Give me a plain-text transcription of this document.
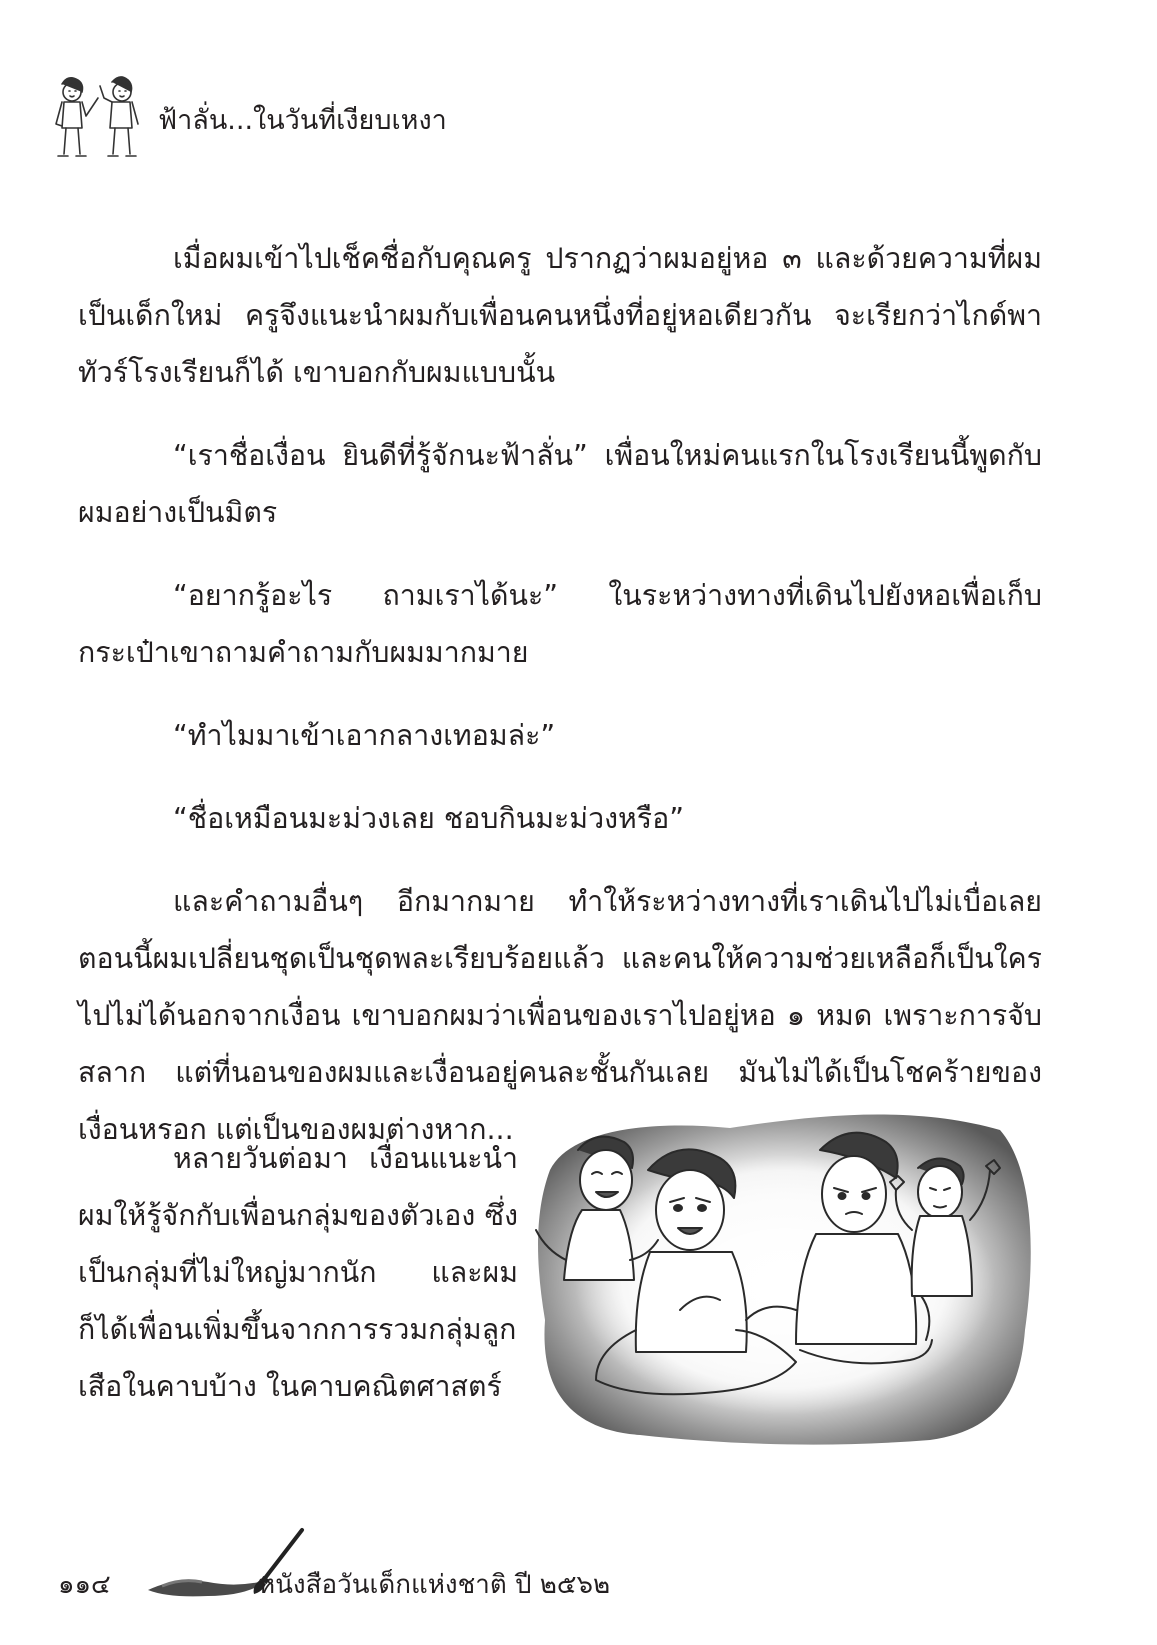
ฟ้าลั่น...ในวันที่เงียบเหงา

เมื่อผมเข้าไปเช็คชื่อกับคุณครู ปรากฏว่าผมอยู่หอ ๓ และด้วยความที่ผมเป็นเด็กใหม่ ครูจึงแนะนำผมกับเพื่อนคนหนึ่งที่อยู่หอเดียวกัน จะเรียกว่าไกด์พาทัวร์โรงเรียนก็ได้ เขาบอกกับผมแบบนั้น

“เราชื่อเงื่อน ยินดีที่รู้จักนะฟ้าลั่น” เพื่อนใหม่คนแรกในโรงเรียนนี้พูดกับผมอย่างเป็นมิตร

“อยากรู้อะไร ถามเราได้นะ” ในระหว่างทางที่เดินไปยังหอเพื่อเก็บกระเป๋าเขาถามคำถามกับผมมากมาย

“ทำไมมาเข้าเอากลางเทอมล่ะ”

“ชื่อเหมือนมะม่วงเลย ชอบกินมะม่วงหรือ”

และคำถามอื่นๆ อีกมากมาย ทำให้ระหว่างทางที่เราเดินไปไม่เบื่อเลย ตอนนี้ผมเปลี่ยนชุดเป็นชุดพละเรียบร้อยแล้ว และคนให้ความช่วยเหลือก็เป็นใครไปไม่ได้นอกจากเงื่อน เขาบอกผมว่าเพื่อนของเราไปอยู่หอ ๑ หมด เพราะการจับสลาก แต่ที่นอนของผมและเงื่อนอยู่คนละชั้นกันเลย มันไม่ได้เป็นโชคร้ายของเงื่อนหรอก แต่เป็นของผมต่างหาก...

หลายวันต่อมา เงื่อนแนะนำผมให้รู้จักกับเพื่อนกลุ่มของตัวเอง ซึ่งเป็นกลุ่มที่ไม่ใหญ่มากนัก และผมก็ได้เพื่อนเพิ่มขึ้นจากการรวมกลุ่มลูกเสือในคาบบ้าง ในคาบคณิตศาสตร์

๑๑๔	หนังสือวันเด็กแห่งชาติ ปี ๒๕๖๒
